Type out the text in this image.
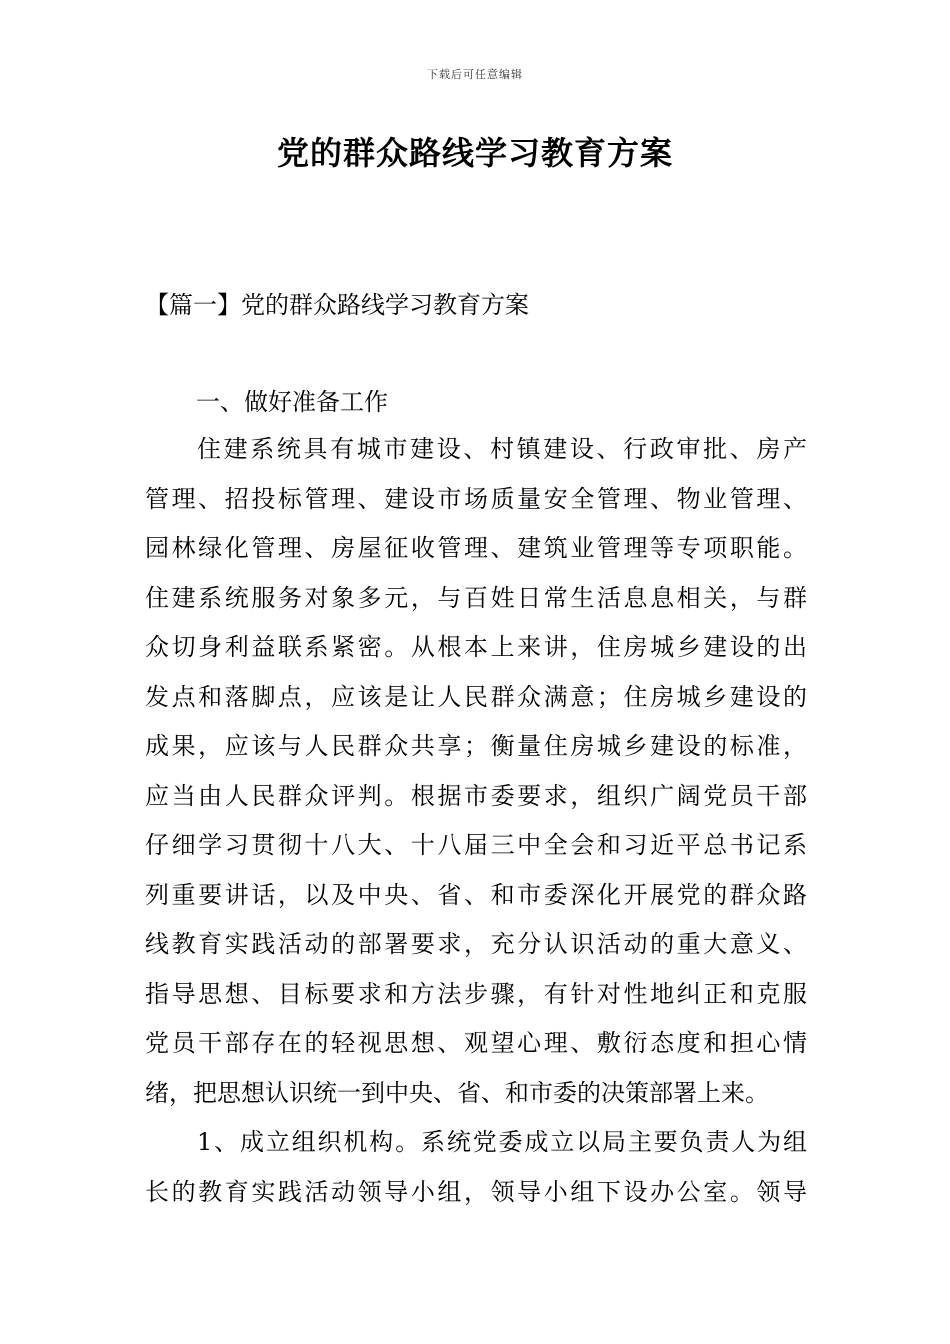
下载后可任意编辑
党的群众路线学习教育方案
【篇一】党的群众路线学习教育方案
一、做好准备工作
住建系统具有城市建设、村镇建设、行政审批、房产
管理、招投标管理、建设市场质量安全管理、物业管理、
园林绿化管理、房屋征收管理、建筑业管理等专项职能。
住建系统服务对象多元，与百姓日常生活息息相关，与群
众切身利益联系紧密。从根本上来讲，住房城乡建设的出
发点和落脚点，应该是让人民群众满意；住房城乡建设的
成果，应该与人民群众共享；衡量住房城乡建设的标准，
应当由人民群众评判。根据市委要求，组织广阔党员干部
仔细学习贯彻十八大、十八届三中全会和习近平总书记系
列重要讲话，以及中央、省、和市委深化开展党的群众路
线教育实践活动的部署要求，充分认识活动的重大意义、
指导思想、目标要求和方法步骤，有针对性地纠正和克服
党员干部存在的轻视思想、观望心理、敷衍态度和担心情
绪，把思想认识统一到中央、省、和市委的决策部署上来。
1、成立组织机构。系统党委成立以局主要负责人为组
长的教育实践活动领导小组，领导小组下设办公室。领导
